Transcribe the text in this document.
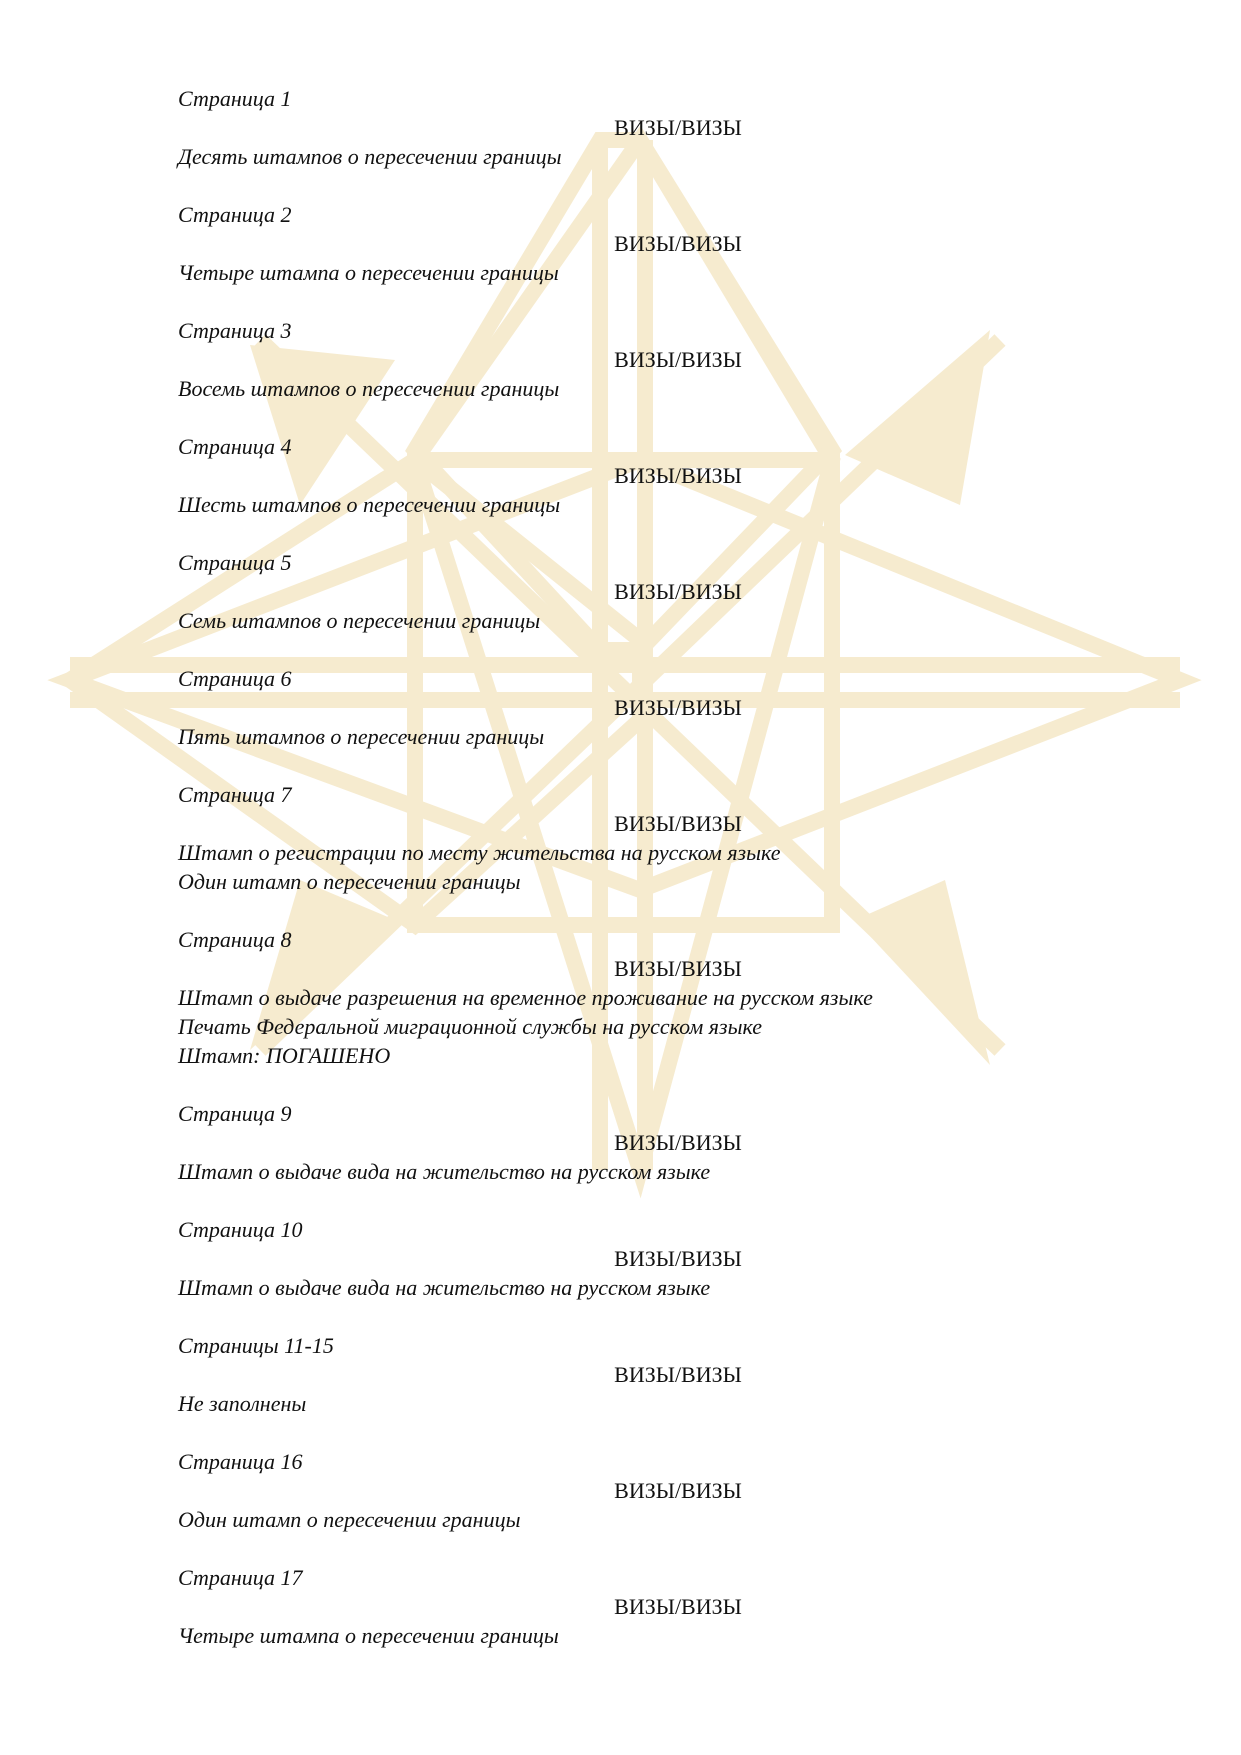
Страница 1
ВИЗЫ/ВИЗЫ
Десять штампов о пересечении границы
Страница 2
ВИЗЫ/ВИЗЫ
Четыре штампа о пересечении границы
Страница 3
ВИЗЫ/ВИЗЫ
Восемь штампов о пересечении границы
Страница 4
ВИЗЫ/ВИЗЫ
Шесть штампов о пересечении границы
Страница 5
ВИЗЫ/ВИЗЫ
Семь штампов о пересечении границы
Страница 6
ВИЗЫ/ВИЗЫ
Пять штампов о пересечении границы
Страница 7
ВИЗЫ/ВИЗЫ
Штамп о регистрации по месту жительства на русском языке
Один штамп о пересечении границы
Страница 8
ВИЗЫ/ВИЗЫ
Штамп о выдаче разрешения на временное проживание на русском языке
Печать Федеральной миграционной службы на русском языке
Штамп: ПОГАШЕНО
Страница 9
ВИЗЫ/ВИЗЫ
Штамп о выдаче вида на жительство на русском языке
Страница 10
ВИЗЫ/ВИЗЫ
Штамп о выдаче вида на жительство на русском языке
Страницы 11-15
ВИЗЫ/ВИЗЫ
Не заполнены
Страница 16
ВИЗЫ/ВИЗЫ
Один штамп о пересечении границы
Страница 17
ВИЗЫ/ВИЗЫ
Четыре штампа о пересечении границы
